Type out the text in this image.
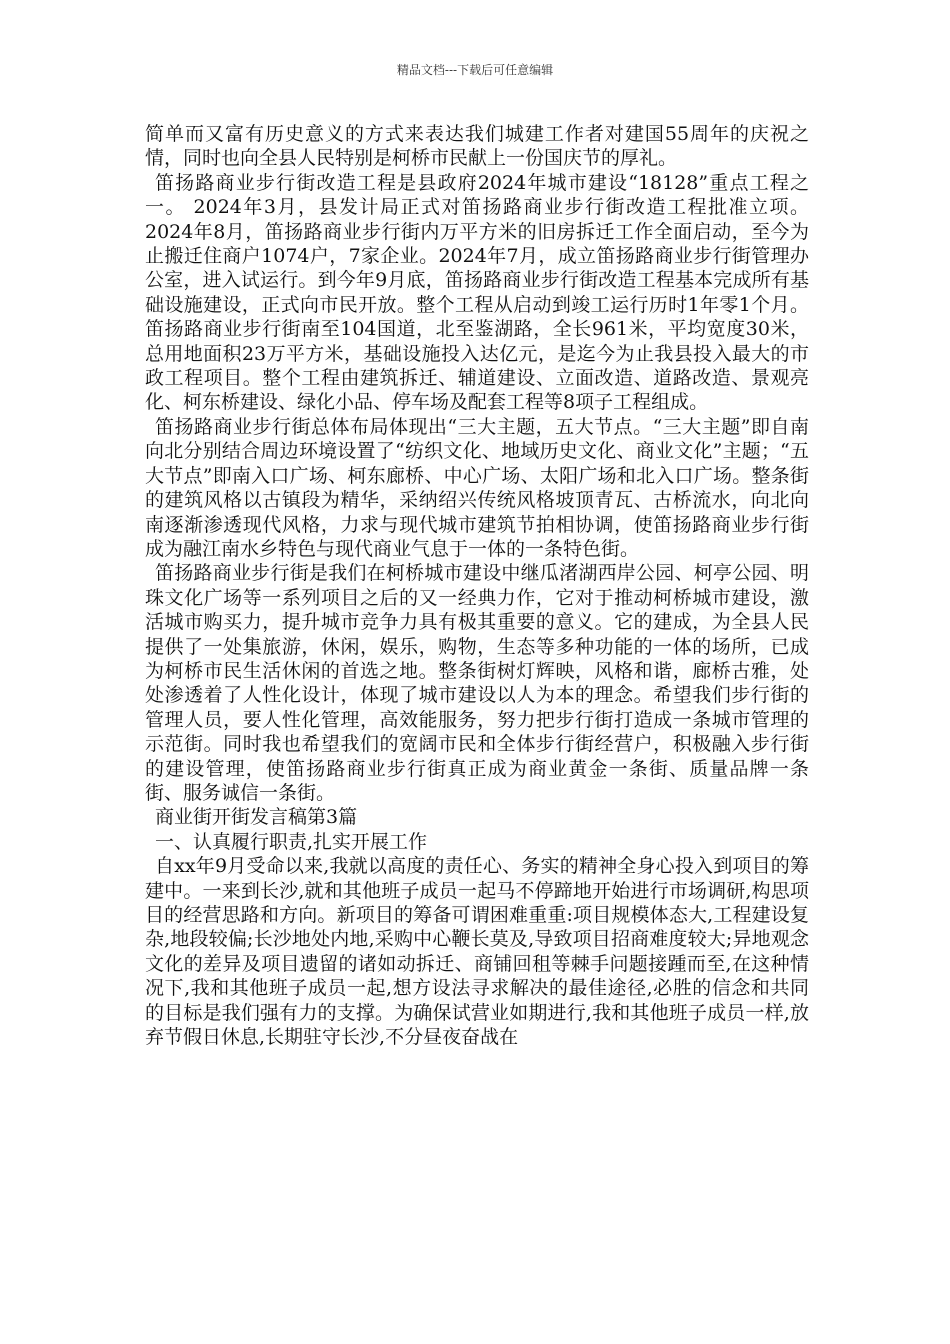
精品文档---下载后可任意编辑

简单而又富有历史意义的方式来表达我们城建工作者对建国55周年的庆祝之情，同时也向全县人民特别是柯桥市民献上一份国庆节的厚礼。

笛扬路商业步行街改造工程是县政府2024年城市建设“18128”重点工程之一。 2024年3月，县发计局正式对笛扬路商业步行街改造工程批准立项。2024年8月，笛扬路商业步行街内万平方米的旧房拆迁工作全面启动，至今为止搬迁住商户1074户，7家企业。2024年7月，成立笛扬路商业步行街管理办公室，进入试运行。到今年9月底，笛扬路商业步行街改造工程基本完成所有基础设施建设，正式向市民开放。整个工程从启动到竣工运行历时1年零1个月。笛扬路商业步行街南至104国道，北至鉴湖路，全长961米，平均宽度30米，总用地面积23万平方米，基础设施投入达亿元，是迄今为止我县投入最大的市政工程项目。整个工程由建筑拆迁、辅道建设、立面改造、道路改造、景观亮化、柯东桥建设、绿化小品、停车场及配套工程等8项子工程组成。

笛扬路商业步行街总体布局体现出“三大主题，五大节点。“三大主题”即自南向北分别结合周边环境设置了“纺织文化、地域历史文化、商业文化”主题；“五大节点”即南入口广场、柯东廊桥、中心广场、太阳广场和北入口广场。整条街的建筑风格以古镇段为精华，采纳绍兴传统风格坡顶青瓦、古桥流水，向北向南逐渐渗透现代风格，力求与现代城市建筑节拍相协调，使笛扬路商业步行街成为融江南水乡特色与现代商业气息于一体的一条特色街。

笛扬路商业步行街是我们在柯桥城市建设中继瓜渚湖西岸公园、柯亭公园、明珠文化广场等一系列项目之后的又一经典力作，它对于推动柯桥城市建设，激活城市购买力，提升城市竞争力具有极其重要的意义。它的建成，为全县人民提供了一处集旅游，休闲，娱乐，购物，生态等多种功能的一体的场所，已成为柯桥市民生活休闲的首选之地。整条街树灯辉映，风格和谐，廊桥古雅，处处渗透着了人性化设计，体现了城市建设以人为本的理念。希望我们步行街的管理人员，要人性化管理，高效能服务，努力把步行街打造成一条城市管理的示范街。同时我也希望我们的宽阔市民和全体步行街经营户，积极融入步行街的建设管理，使笛扬路商业步行街真正成为商业黄金一条街、质量品牌一条街、服务诚信一条街。

商业街开街发言稿第3篇

一、认真履行职责,扎实开展工作

自xx年9月受命以来,我就以高度的责任心、务实的精神全身心投入到项目的筹建中。一来到长沙,就和其他班子成员一起马不停蹄地开始进行市场调研,构思项目的经营思路和方向。新项目的筹备可谓困难重重:项目规模体态大,工程建设复杂,地段较偏;长沙地处内地,采购中心鞭长莫及,导致项目招商难度较大;异地观念文化的差异及项目遗留的诸如动拆迁、商铺回租等棘手问题接踵而至,在这种情况下,我和其他班子成员一起,想方设法寻求解决的最佳途径,必胜的信念和共同的目标是我们强有力的支撑。为确保试营业如期进行,我和其他班子成员一样,放弃节假日休息,长期驻守长沙,不分昼夜奋战在
